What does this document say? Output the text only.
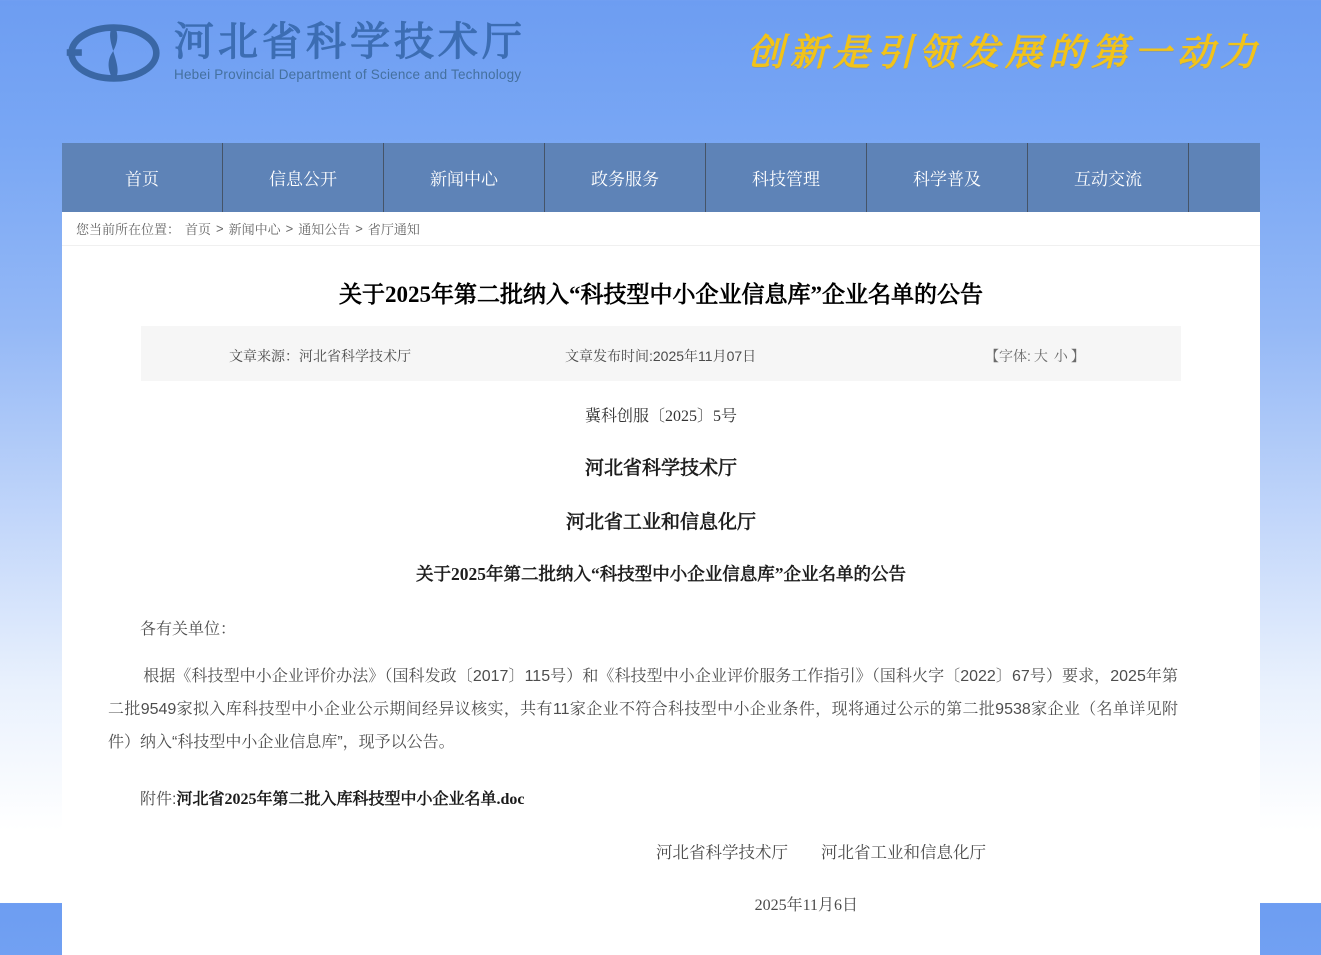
河北省科学技术厅
Hebei Provincial Department of Science and Technology
创新是引领发展的第一动力
首页	信息公开	新闻中心	政务服务	科技管理	科学普及	互动交流
您当前所在位置： 首页 > 新闻中心 > 通知公告 > 省厅通知
关于2025年第二批纳入“科技型中小企业信息库”企业名单的公告
文章来源：河北省科学技术厅	文章发布时间:2025年11月07日	【字体: 大 小 】
冀科创服〔2025〕5号
河北省科学技术厅
河北省工业和信息化厅
关于2025年第二批纳入“科技型中小企业信息库”企业名单的公告
各有关单位：
根据《科技型中小企业评价办法》（国科发政〔2017〕115号）和《科技型中小企业评价服务工作指引》（国科火字〔2022〕67号）要求，2025年第二批9549家拟入库科技型中小企业公示期间经异议核实，共有11家企业不符合科技型中小企业条件，现将通过公示的第二批9538家企业（名单详见附件）纳入“科技型中小企业信息库”，现予以公告。
附件:河北省2025年第二批入库科技型中小企业名单.doc
河北省科学技术厅　　河北省工业和信息化厅
2025年11月6日
